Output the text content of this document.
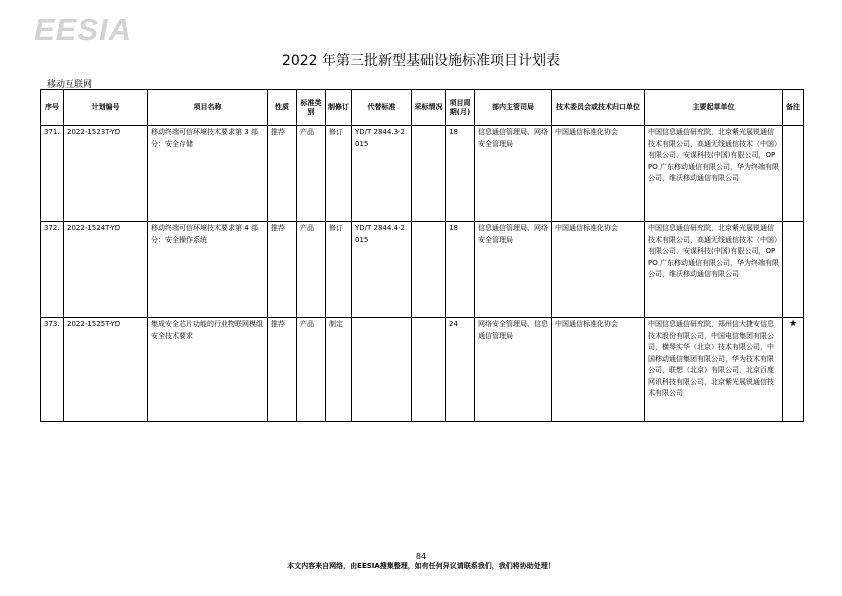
EESIA
2022 年第三批新型基础设施标准项目计划表
移动互联网
序号	计划编号	项目名称	性质	标准类别	制修订	代替标准	采标情况	项目周期(月)	部内主管司局	技术委员会或技术归口单位	主要起草单位	备注
371.	2022-1523T-YD	移动终端可信环境技术要求第 3 部分：安全存储	推荐	产品	修订	YD/T 2844.3-2015		18	信息通信管理局、网络安全管理局	中国通信标准化协会	中国信息通信研究院，北京紫光展锐通信技术有限公司，高通无线通信技术（中国）有限公司，安谋科技(中国)有限公司，OPPO 广东移动通信有限公司，华为终端有限公司，维沃移动通信有限公司	
372.	2022-1524T-YD	移动终端可信环境技术要求第 4 部分：安全操作系统	推荐	产品	修订	YD/T 2844.4-2015		18	信息通信管理局、网络安全管理局	中国通信标准化协会	中国信息通信研究院，北京紫光展锐通信技术有限公司，高通无线通信技术（中国）有限公司，安谋科技(中国)有限公司，OPPO 广东移动通信有限公司，华为终端有限公司，维沃移动通信有限公司	
373.	2022-1525T-YD	集成安全芯片功能的行业物联网模组安全技术要求	推荐	产品	制定			24	网络安全管理局、信息通信管理局	中国通信标准化协会	中国信息通信研究院，郑州信大捷安信息技术股份有限公司，中国电信集团有限公司，横琴实华（北京）技术有限公司，中国移动通信集团有限公司，华为技术有限公司，联想（北京）有限公司，北京百度网讯科技有限公司，北京紫光展锐通信技术有限公司	★
84
本文内容来自网络，由EESIA搜集整理，如有任何异议请联系我们，我们将协助处理！
